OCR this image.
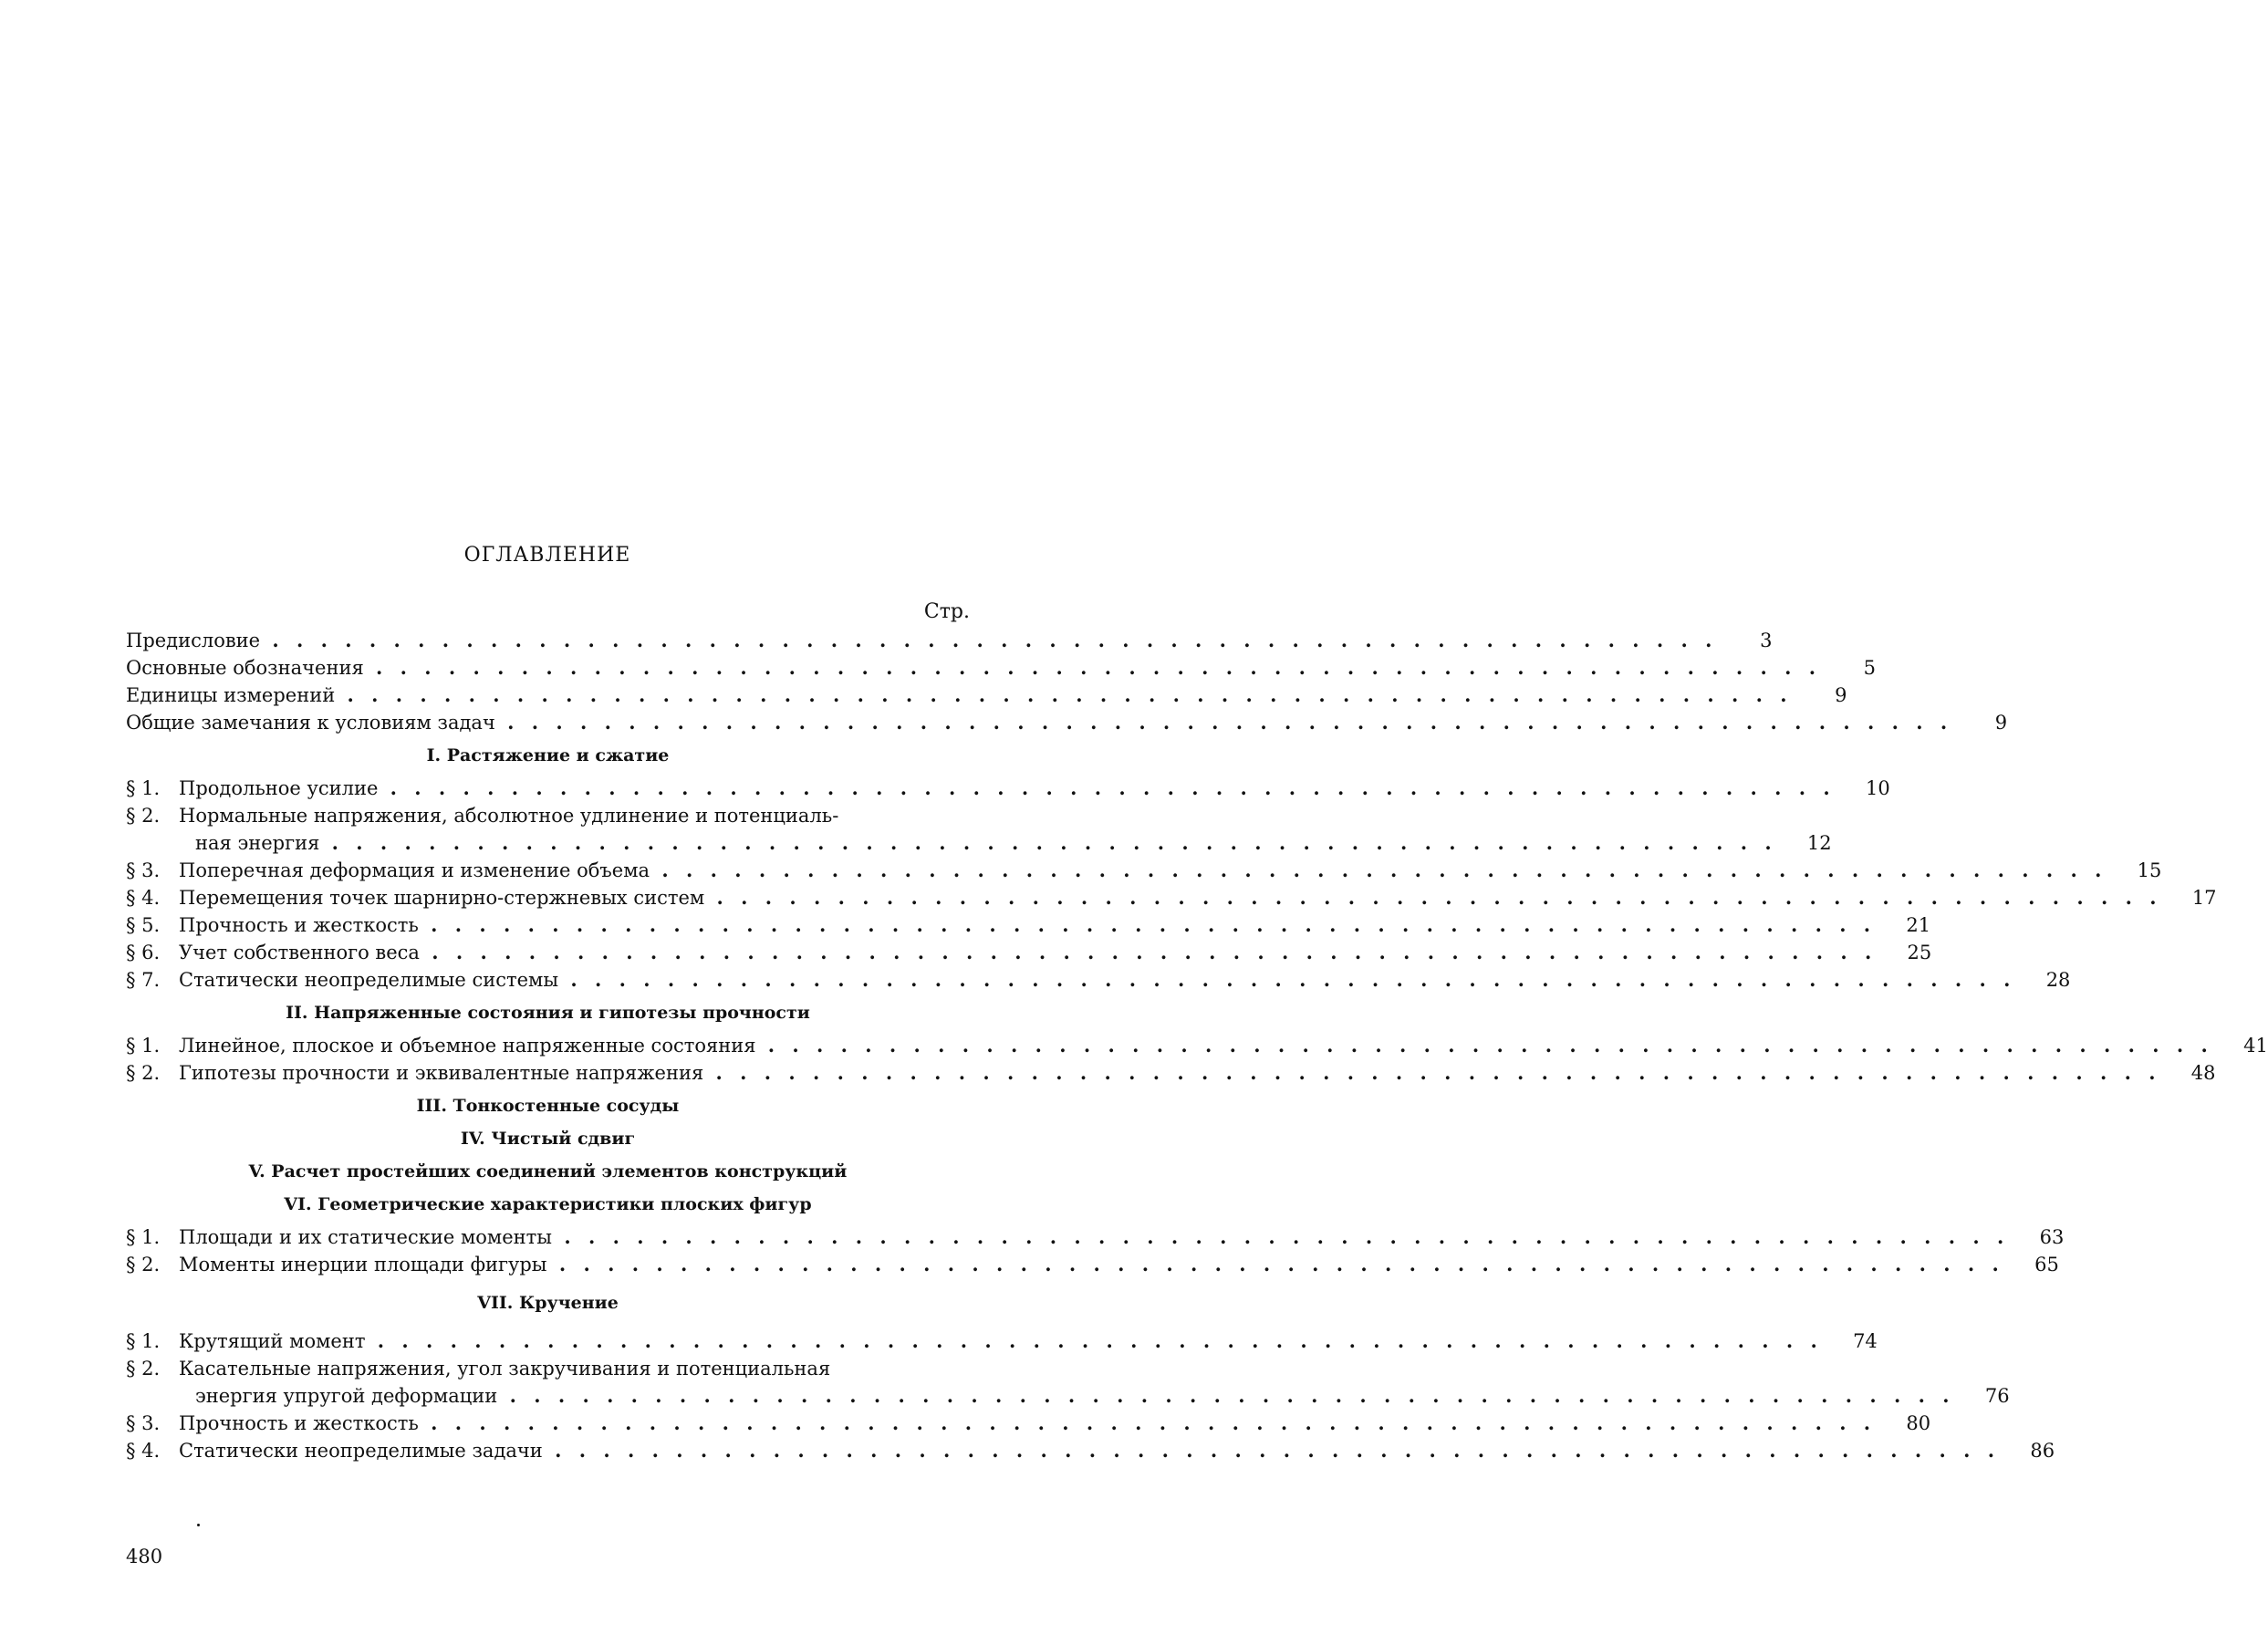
ОГЛАВЛЕНИЕ
Стр.
Предисловие . . .	3
Основные обозначения . . .	5
Единицы измерений . . .	9
Общие замечания к условиям задач . . .	9
I. Растяжение и сжатие
§ 1. Продольное усилие . . .	10
§ 2. Нормальные напряжения, абсолютное удлинение и потенциаль-
ная энергия . . .	12
§ 3. Поперечная деформация и изменение объема . . .	15
§ 4. Перемещения точек шарнирно-стержневых систем . . .	17
§ 5. Прочность и жесткость . . .	21
§ 6. Учет собственного веса . . .	25
§ 7. Статически неопределимые системы . . .	28
II. Напряженные состояния и гипотезы прочности
§ 1. Линейное, плоское и объемное напряженные состояния . . .	41
§ 2. Гипотезы прочности и эквивалентные напряжения . . .	48
III. Тонкостенные сосуды
IV. Чистый сдвиг
V. Расчет простейших соединений элементов конструкций
VI. Геометрические характеристики плоских фигур
§ 1. Площади и их статические моменты . . .	63
§ 2. Моменты инерции площади фигуры . . .	65
VII. Кручение
§ 1. Крутящий момент . . .	74
§ 2. Касательные напряжения, угол закручивания и потенциальная
энергия упругой деформации . . .	76
§ 3. Прочность и жесткость . . .	80
§ 4. Статически неопределимые задачи . . .	86
480
